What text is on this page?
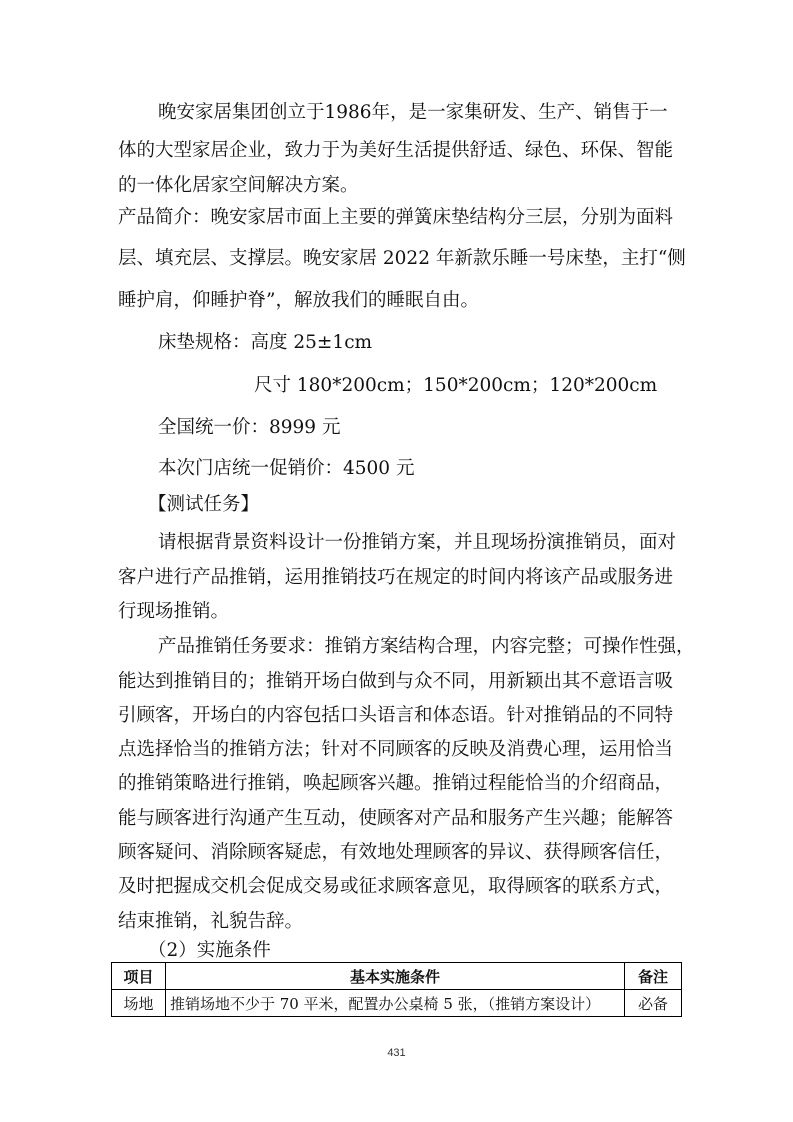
晚安家居集团创立于1986年，是一家集研发、生产、销售于一
体的大型家居企业，致力于为美好生活提供舒适、绿色、环保、智能
的一体化居家空间解决方案。
产品简介：晚安家居市面上主要的弹簧床垫结构分三层，分别为面料
层、填充层、支撑层。晚安家居 2022 年新款乐睡一号床垫，主打“侧
睡护肩，仰睡护脊”，解放我们的睡眠自由。
床垫规格：高度 25±1cm
尺寸 180*200cm；150*200cm；120*200cm
全国统一价：8999 元
本次门店统一促销价：4500 元
【测试任务】
请根据背景资料设计一份推销方案，并且现场扮演推销员，面对
客户进行产品推销，运用推销技巧在规定的时间内将该产品或服务进
行现场推销。
产品推销任务要求：推销方案结构合理，内容完整；可操作性强，
能达到推销目的；推销开场白做到与众不同，用新颖出其不意语言吸
引顾客，开场白的内容包括口头语言和体态语。针对推销品的不同特
点选择恰当的推销方法；针对不同顾客的反映及消费心理，运用恰当
的推销策略进行推销，唤起顾客兴趣。推销过程能恰当的介绍商品，
能与顾客进行沟通产生互动，使顾客对产品和服务产生兴趣；能解答
顾客疑问、消除顾客疑虑，有效地处理顾客的异议、获得顾客信任，
及时把握成交机会促成交易或征求顾客意见，取得顾客的联系方式，
结束推销，礼貌告辞。
（2）实施条件
项目	基本实施条件	备注
场地	推销场地不少于 70 平米，配置办公桌椅 5 张，（推销方案设计）	必备
431
